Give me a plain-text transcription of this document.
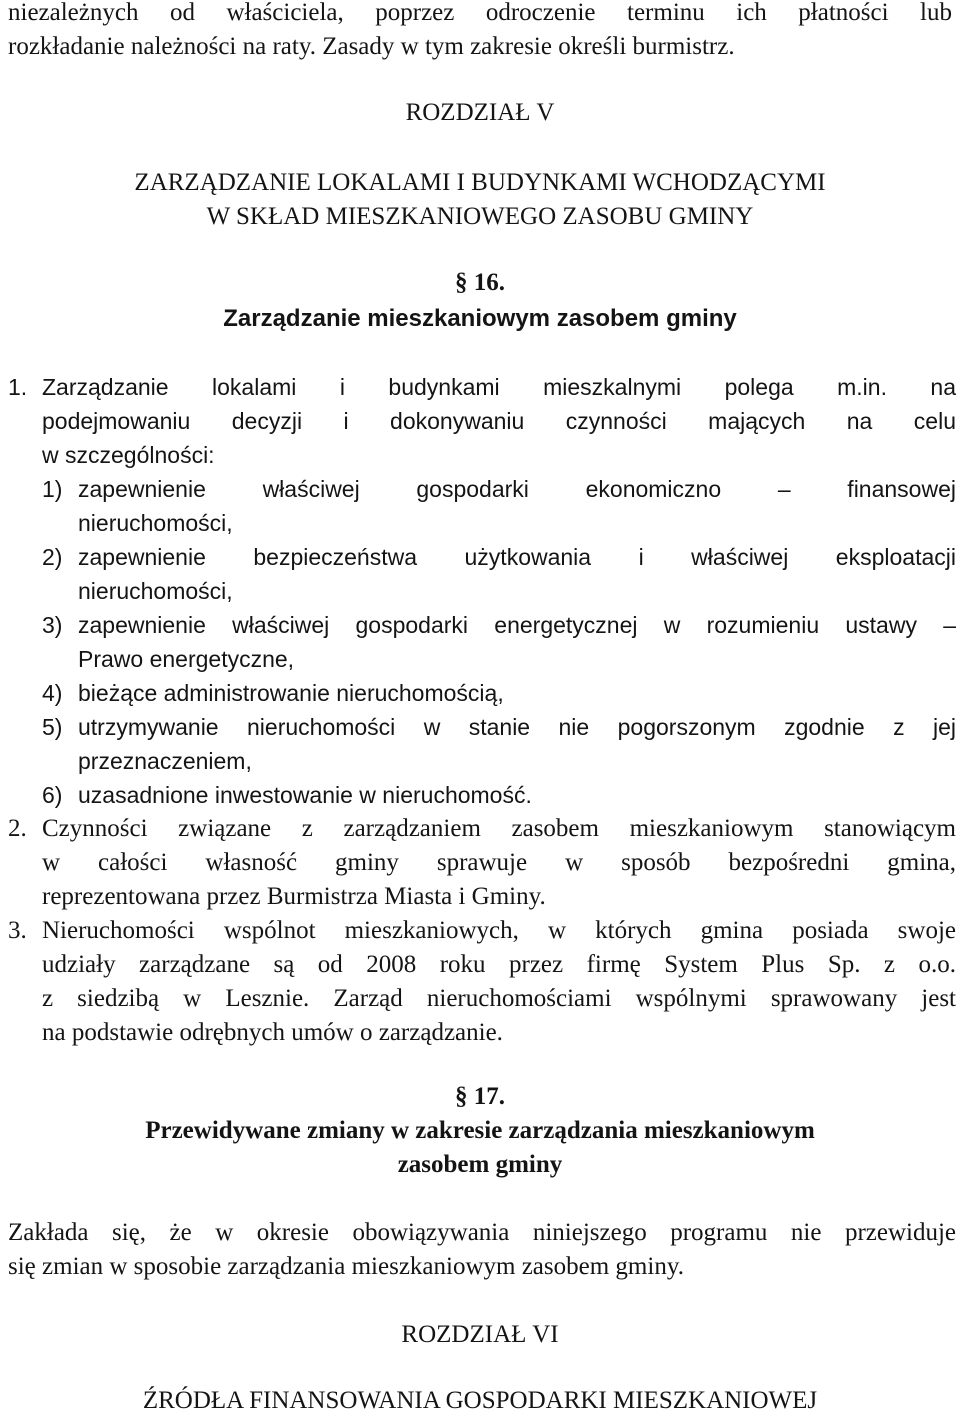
niezależnych od właściciela, poprzez odroczenie terminu ich płatności lub
rozkładanie należności na raty. Zasady w tym zakresie określi burmistrz.
ROZDZIAŁ V
ZARZĄDZANIE LOKALAMI I BUDYNKAMI WCHODZĄCYMI
W SKŁAD MIESZKANIOWEGO ZASOBU GMINY
§ 16.
Zarządzanie mieszkaniowym zasobem gminy
1. Zarządzanie lokalami i budynkami mieszkalnymi polega m.in. na
podejmowaniu decyzji i dokonywaniu czynności mających na celu
w szczególności:
1) zapewnienie właściwej gospodarki ekonomiczno – finansowej
nieruchomości,
2) zapewnienie bezpieczeństwa użytkowania i właściwej eksploatacji
nieruchomości,
3) zapewnienie właściwej gospodarki energetycznej w rozumieniu ustawy –
Prawo energetyczne,
4) bieżące administrowanie nieruchomością,
5) utrzymywanie nieruchomości w stanie nie pogorszonym zgodnie z jej
przeznaczeniem,
6) uzasadnione inwestowanie w nieruchomość.
2. Czynności związane z zarządzaniem zasobem mieszkaniowym stanowiącym
w całości własność gminy sprawuje w sposób bezpośredni gmina,
reprezentowana przez Burmistrza Miasta i Gminy.
3. Nieruchomości wspólnot mieszkaniowych, w których gmina posiada swoje
udziały zarządzane są od 2008 roku przez firmę System Plus Sp. z o.o.
z siedzibą w Lesznie. Zarząd nieruchomościami wspólnymi sprawowany jest
na podstawie odrębnych umów o zarządzanie.
§ 17.
Przewidywane zmiany w zakresie zarządzania mieszkaniowym
zasobem gminy
Zakłada się, że w okresie obowiązywania niniejszego programu nie przewiduje
się zmian w sposobie zarządzania mieszkaniowym zasobem gminy.
ROZDZIAŁ VI
ŹRÓDŁA FINANSOWANIA GOSPODARKI MIESZKANIOWEJ
